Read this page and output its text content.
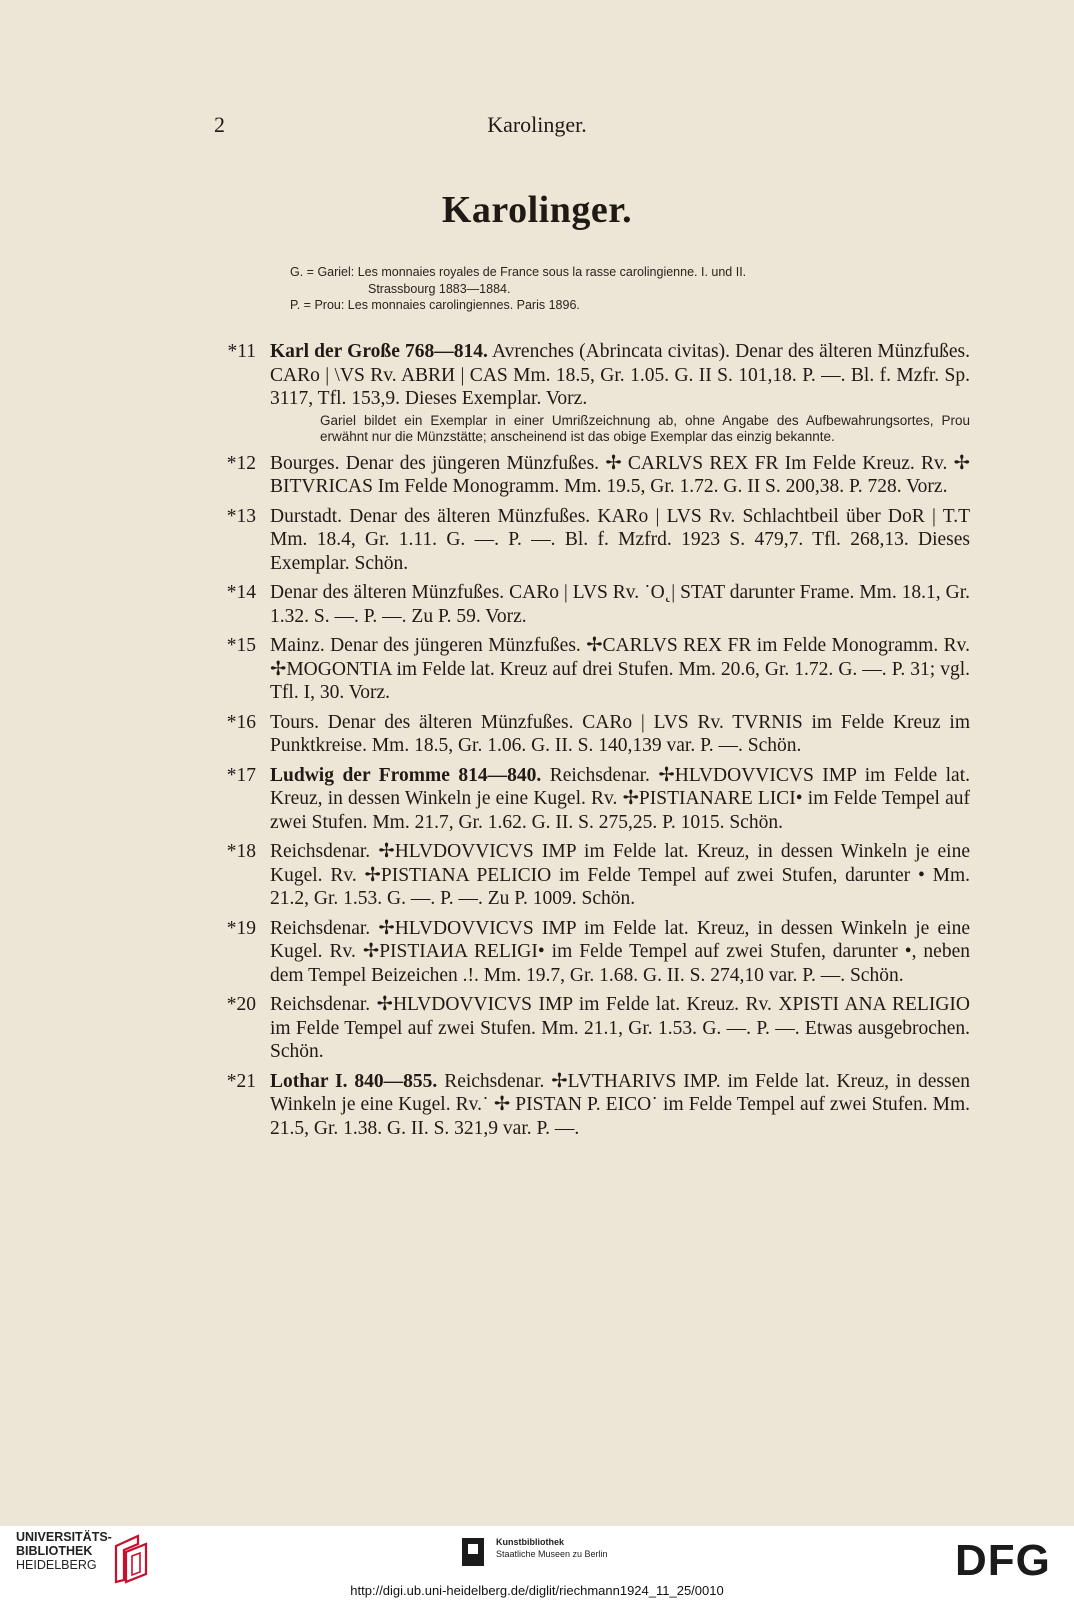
2	Karolinger.
Karolinger.
G. = Gariel: Les monnaies royales de France sous la rasse carolingienne. I. und II.
Strassbourg 1883—1884.
P. = Prou: Les monnaies carolingiennes. Paris 1896.
*11 Karl der Große 768—814. Avrenches (Abrincata civitas). Denar des älteren Münzfußes. CARo | \VS Rv. ABRИ | CAS Mm. 18.5, Gr. 1.05. G. II S. 101,18. P. —. Bl. f. Mzfr. Sp. 3117, Tfl. 153,9. Dieses Exemplar. Vorz.
Gariel bildet ein Exemplar in einer Umrißzeichnung ab, ohne Angabe des Aufbewahrungsortes, Prou erwähnt nur die Münzstätte; anscheinend ist das obige Exemplar das einzig bekannte.
*12 Bourges. Denar des jüngeren Münzfußes. ✢ CARLVS REX FR Im Felde Kreuz. Rv. ✢ BITVRICAS Im Felde Monogramm. Mm. 19.5, Gr. 1.72. G. II S. 200,38. P. 728. Vorz.
*13 Durstadt. Denar des älteren Münzfußes. KARo | LVS Rv. Schlachtbeil über DoR | T.T Mm. 18.4, Gr. 1.11. G. —. P. —. Bl. f. Mzfrd. 1923 S. 479,7. Tfl. 268,13. Dieses Exemplar. Schön.
*14 Denar des älteren Münzfußes. CARo | LVS Rv. ˙O˛| STAT darunter Frame. Mm. 18.1, Gr. 1.32. S. —. P. —. Zu P. 59. Vorz.
*15 Mainz. Denar des jüngeren Münzfußes. ✢CARLVS REX FR im Felde Monogramm. Rv. ✢MOGONTIA im Felde lat. Kreuz auf drei Stufen. Mm. 20.6, Gr. 1.72. G. —. P. 31; vgl. Tfl. I, 30. Vorz.
*16 Tours. Denar des älteren Münzfußes. CARo | LVS Rv. TVRNIS im Felde Kreuz im Punktkreise. Mm. 18.5, Gr. 1.06. G. II. S. 140,139 var. P. —. Schön.
*17 Ludwig der Fromme 814—840. Reichsdenar. ✢HLVDOVVICVS IMP im Felde lat. Kreuz, in dessen Winkeln je eine Kugel. Rv. ✢PISTIANARE LICI• im Felde Tempel auf zwei Stufen. Mm. 21.7, Gr. 1.62. G. II. S. 275,25. P. 1015. Schön.
*18 Reichsdenar. ✢HLVDOVVICVS IMP im Felde lat. Kreuz, in dessen Winkeln je eine Kugel. Rv. ✢PISTIANA PELICIO im Felde Tempel auf zwei Stufen, darunter • Mm. 21.2, Gr. 1.53. G. —. P. —. Zu P. 1009. Schön.
*19 Reichsdenar. ✢HLVDOVVICVS IMP im Felde lat. Kreuz, in dessen Winkeln je eine Kugel. Rv. ✢PISTIAИA RELIGI• im Felde Tempel auf zwei Stufen, darunter •, neben dem Tempel Beizeichen .!. Mm. 19.7, Gr. 1.68. G. II. S. 274,10 var. P. —. Schön.
*20 Reichsdenar. ✢HLVDOVVICVS IMP im Felde lat. Kreuz. Rv. XPISTI ANA RELIGIO im Felde Tempel auf zwei Stufen. Mm. 21.1, Gr. 1.53. G. —. P. —. Etwas ausgebrochen. Schön.
*21 Lothar I. 840—855. Reichsdenar. ✢LVTHARIVS IMP. im Felde lat. Kreuz, in dessen Winkeln je eine Kugel. Rv.˙ ✢ PISTAN P. EICO˙ im Felde Tempel auf zwei Stufen. Mm. 21.5, Gr. 1.38. G. II. S. 321,9 var. P. —.
UNIVERSITÄTS-
BIBLIOTHEK
HEIDELBERG
Kunstbibliothek
Staatliche Museen zu Berlin	DFG
http://digi.ub.uni-heidelberg.de/diglit/riechmann1924_11_25/0010
